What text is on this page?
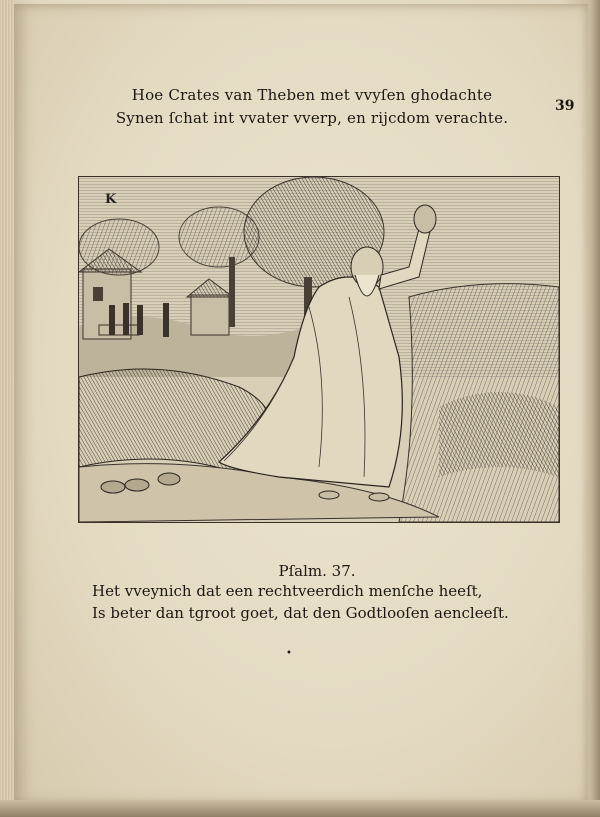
Hoe Crates van Theben met vvyſen ghodachte
Synen ſchat int vvater vverp, en rijcdom verachte.
39
K
Pſalm. 37.
Het vveynich dat een rechtveerdich menſche heeſt,
Is beter dan tgroot goet, dat den Godtlooſen aencleeſt.
•
